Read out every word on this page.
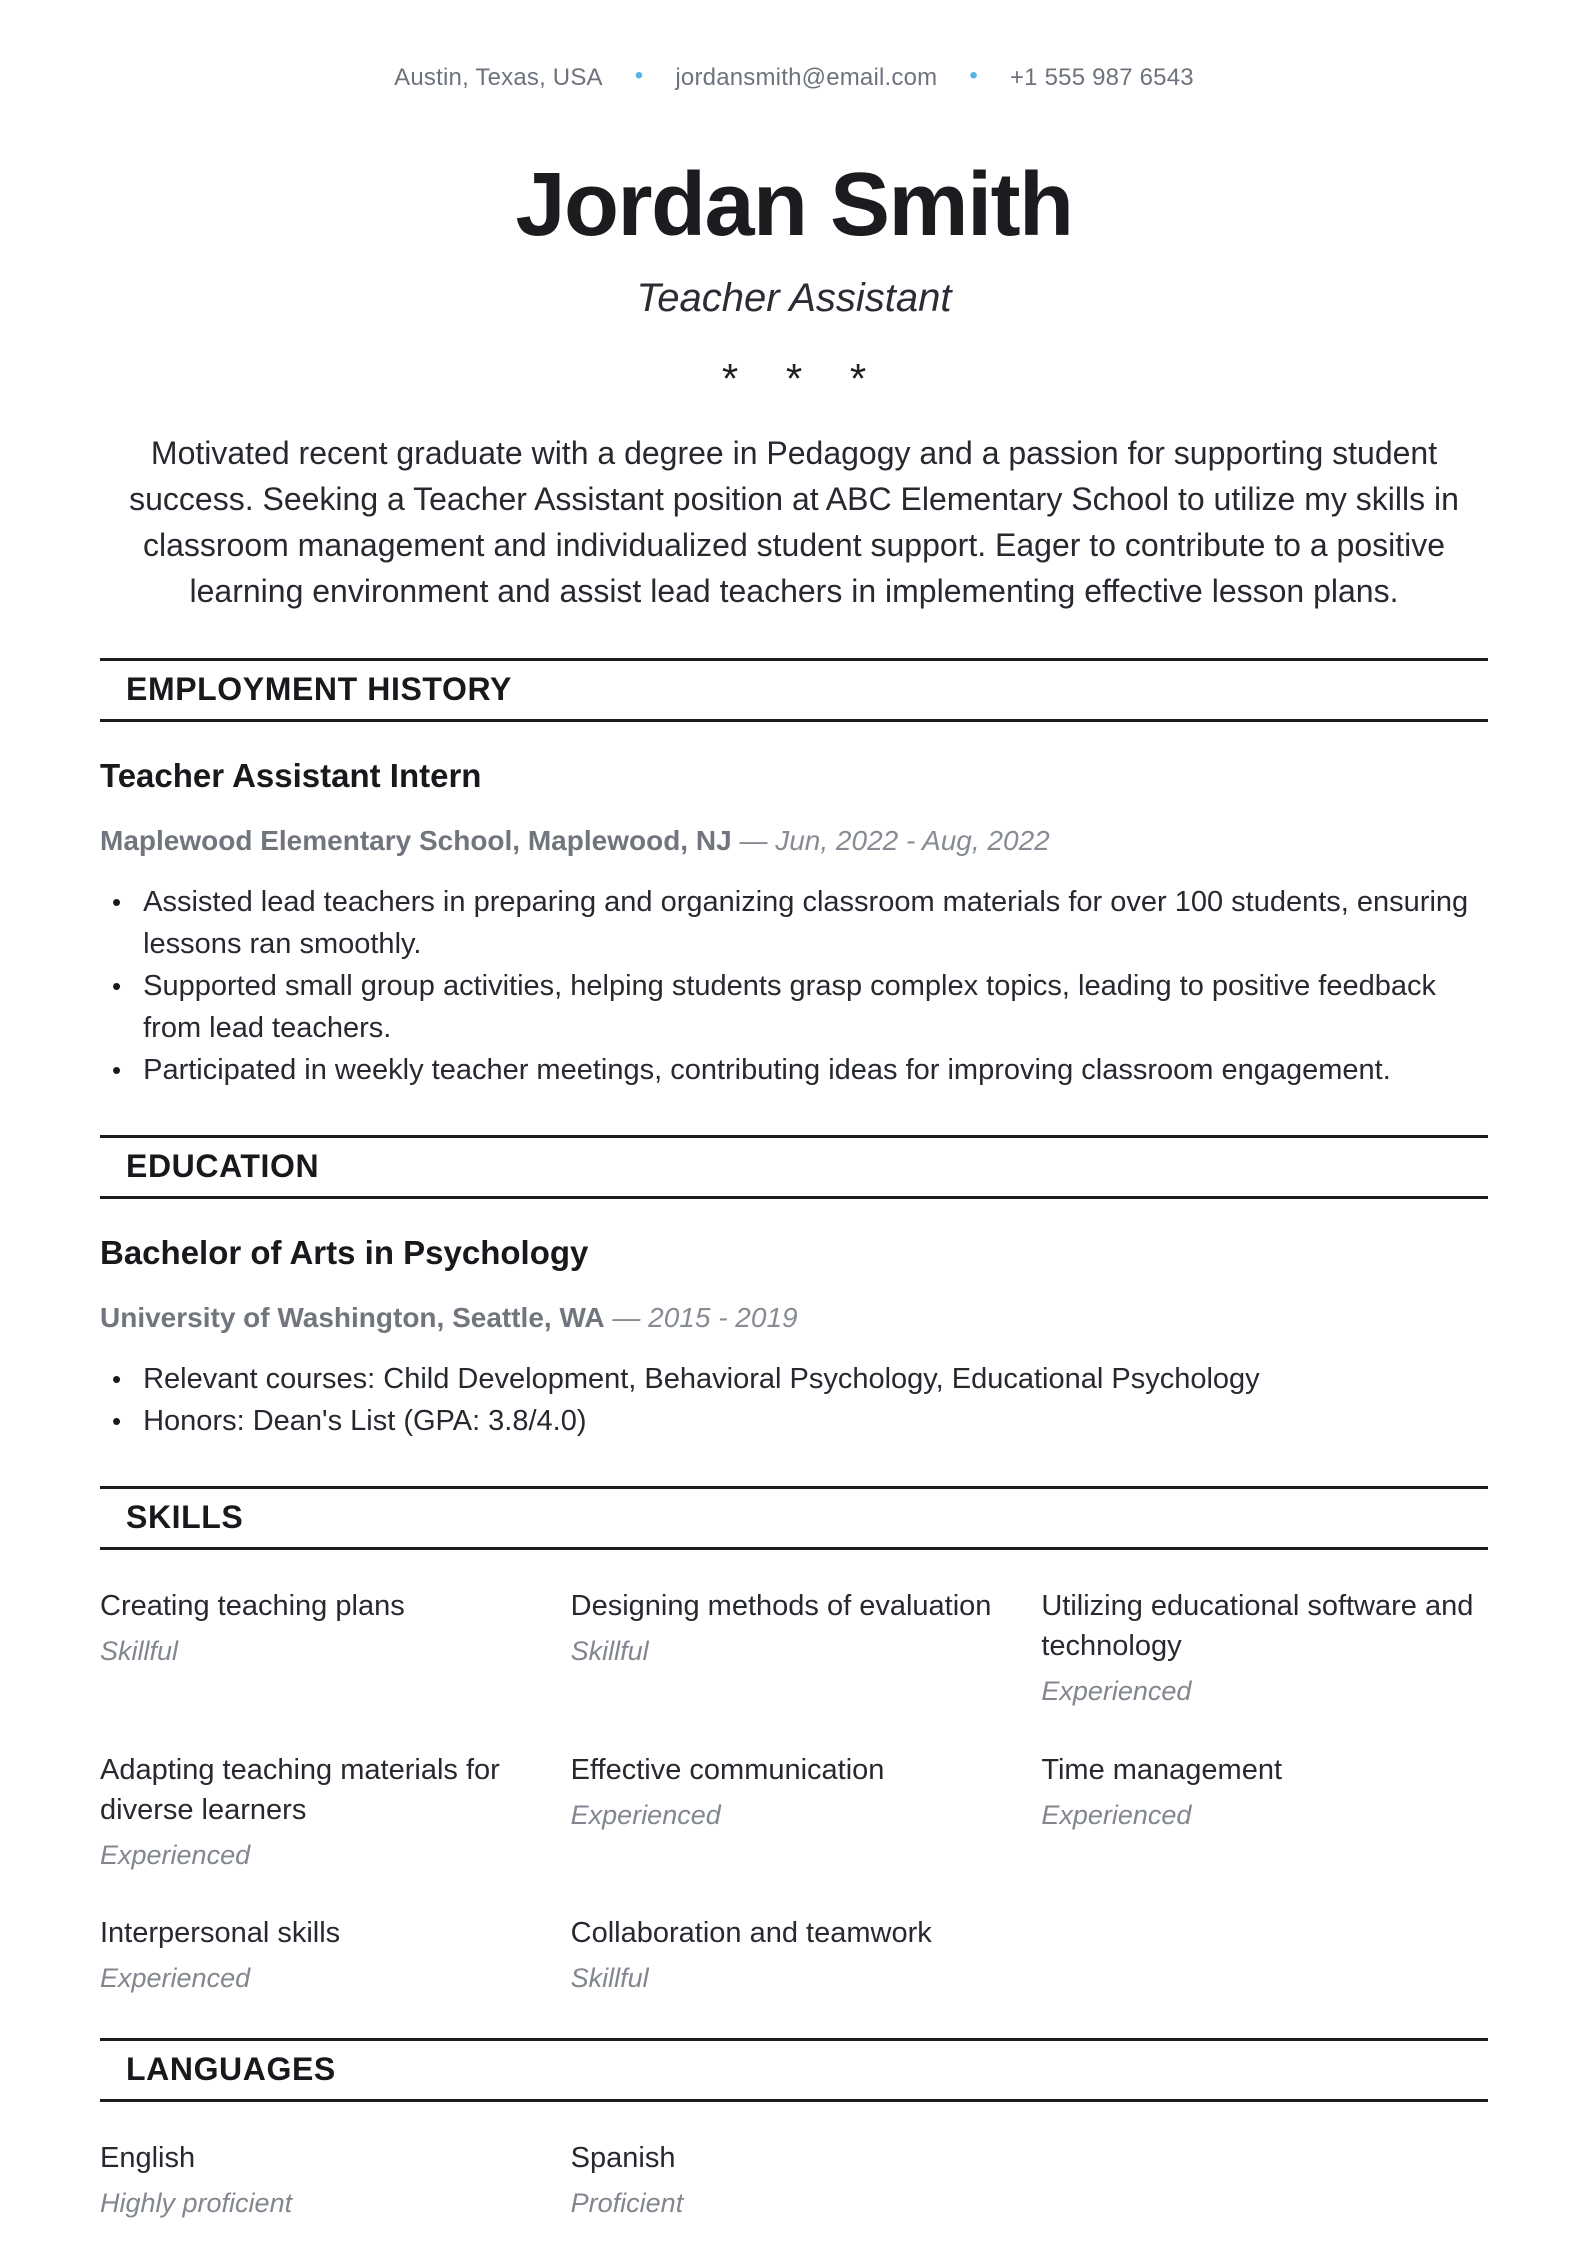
Austin, Texas, USA • jordansmith@email.com • +1 555 987 6543
Jordan Smith
Teacher Assistant
* * *

Motivated recent graduate with a degree in Pedagogy and a passion for supporting student success. Seeking a Teacher Assistant position at ABC Elementary School to utilize my skills in classroom management and individualized student support. Eager to contribute to a positive learning environment and assist lead teachers in implementing effective lesson plans.

EMPLOYMENT HISTORY
Teacher Assistant Intern
Maplewood Elementary School, Maplewood, NJ — Jun, 2022 - Aug, 2022
• Assisted lead teachers in preparing and organizing classroom materials for over 100 students, ensuring lessons ran smoothly.
• Supported small group activities, helping students grasp complex topics, leading to positive feedback from lead teachers.
• Participated in weekly teacher meetings, contributing ideas for improving classroom engagement.
EDUCATION
Bachelor of Arts in Psychology
University of Washington, Seattle, WA — 2015 - 2019
• Relevant courses: Child Development, Behavioral Psychology, Educational Psychology
• Honors: Dean's List (GPA: 3.8/4.0)
SKILLS
Creating teaching plans
Skillful
Designing methods of evaluation
Skillful
Utilizing educational software and technology
Experienced
Adapting teaching materials for diverse learners
Experienced
Effective communication
Experienced
Time management
Experienced
Interpersonal skills
Experienced
Collaboration and teamwork
Skillful
LANGUAGES
English
Highly proficient
Spanish
Proficient
